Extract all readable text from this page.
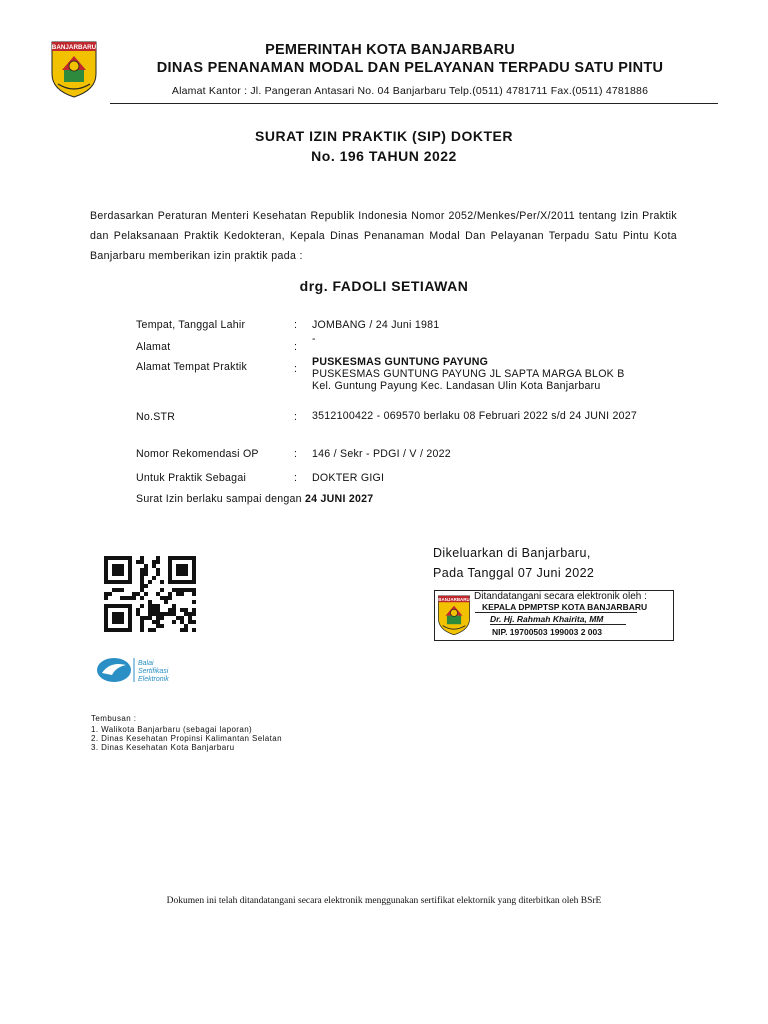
BANJARBARU	PEMERINTAH KOTA BANJARBARU
DINAS PENANAMAN MODAL DAN PELAYANAN TERPADU SATU PINTU
Alamat Kantor : Jl. Pangeran Antasari No. 04 Banjarbaru Telp.(0511) 4781711 Fax.(0511) 4781886
SURAT IZIN PRAKTIK (SIP) DOKTER
No. 196 TAHUN 2022
Berdasarkan Peraturan Menteri Kesehatan Republik Indonesia Nomor 2052/Menkes/Per/X/2011 tentang Izin Praktik dan Pelaksanaan Praktik Kedokteran, Kepala Dinas Penanaman Modal Dan Pelayanan Terpadu Satu Pintu Kota Banjarbaru memberikan izin praktik pada :
drg. FADOLI SETIAWAN
Tempat, Tanggal Lahir	: JOMBANG / 24 Juni 1981
Alamat	:
-
Alamat Tempat Praktik	:
PUSKESMAS GUNTUNG PAYUNG
PUSKESMAS GUNTUNG PAYUNG JL SAPTA MARGA BLOK B
Kel. Guntung Payung Kec. Landasan Ulin Kota Banjarbaru
No.STR	: 3512100422 - 069570 berlaku 08 Februari 2022 s/d 24 JUNI 2027
Nomor Rekomendasi OP	: 146 / Sekr - PDGI / V / 2022
Untuk Praktik Sebagai	: DOKTER GIGI
Surat Izin berlaku sampai dengan 24 JUNI 2027
Balai
Sertifikasi
Elektronik
Dikeluarkan di Banjarbaru,
Pada Tanggal 07 Juni 2022
BANJARBARU Ditandatangani secara elektronik oleh :
KEPALA DPMPTSP KOTA BANJARBARU
Dr. Hj. Rahmah Khairita, MM
NIP. 19700503 199003 2 003
Tembusan :
1. Walikota Banjarbaru (sebagai laporan)
2. Dinas Kesehatan Propinsi Kalimantan Selatan
3. Dinas Kesehatan Kota Banjarbaru
Dokumen ini telah ditandatangani secara elektronik menggunakan sertifikat elektornik yang diterbitkan oleh BSrE
